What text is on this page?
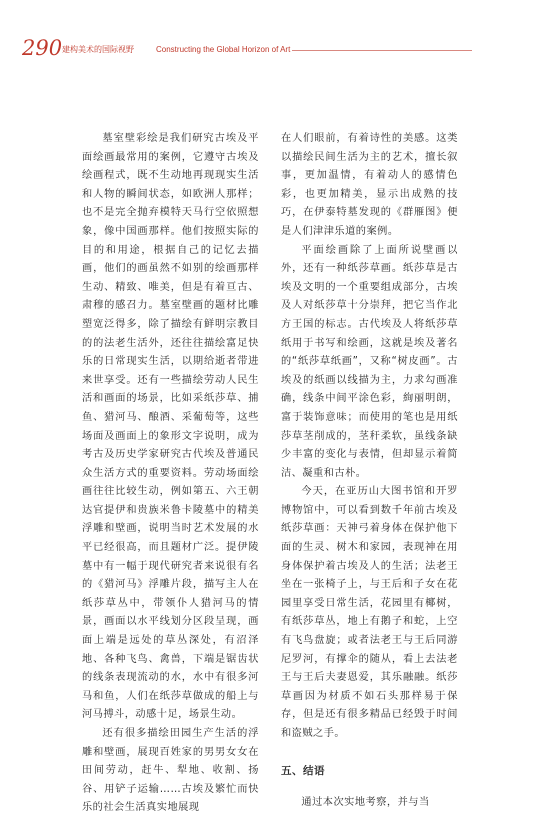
290 建构美术的国际视野	Constructing the Global Horizon of Art

墓室壁彩绘是我们研究古埃及平面绘画最常用的案例，它遵守古埃及绘画程式，既不生动地再现现实生活和人物的瞬间状态，如欧洲人那样；也不是完全抛弃模特天马行空依照想象，像中国画那样。他们按照实际的目的和用途，根据自己的记忆去描画，他们的画虽然不如别的绘画那样生动、精致、唯美，但是有着亘古、肃穆的感召力。墓室壁画的题材比雕塑宽泛得多，除了描绘有鲜明宗教目的的法老生活外，还往往描绘富足快乐的日常现实生活，以期给逝者带进来世享受。还有一些描绘劳动人民生活和画面的场景，比如采纸莎草、捕鱼、猎河马、酿酒、采葡萄等，这些场面及画面上的象形文字说明，成为考古及历史学家研究古代埃及普通民众生活方式的重要资料。劳动场面绘画往往比较生动，例如第五、六王朝达官提伊和贵族米鲁卡陵墓中的精美浮雕和壁画，说明当时艺术发展的水平已经很高，而且题材广泛。提伊陵墓中有一幅于现代研究者来说很有名的《猎河马》浮雕片段，描写主人在纸莎草丛中，带领仆人猎河马的情景，画面以水平线划分区段呈现，画面上端是远处的草丛深处，有沼泽地、各种飞鸟、禽兽，下端是锯齿状的线条表现流动的水，水中有很多河马和鱼，人们在纸莎草做成的船上与河马搏斗，动感十足，场景生动。

还有很多描绘田园生产生活的浮雕和壁画，展现百姓家的男男女女在田间劳动，赶牛、犁地、收割、扬谷、用铲子运输……古埃及繁忙而快乐的社会生活真实地展现

在人们眼前，有着诗性的美感。这类以描绘民间生活为主的艺术，擅长叙事，更加温情，有着动人的感情色彩，也更加精美，显示出成熟的技巧，在伊泰特墓发现的《群雁图》便是人们津津乐道的案例。

平面绘画除了上面所说壁画以外，还有一种纸莎草画。纸莎草是古埃及文明的一个重要组成部分，古埃及人对纸莎草十分崇拜，把它当作北方王国的标志。古代埃及人将纸莎草纸用于书写和绘画，这就是埃及著名的“纸莎草纸画”，又称“树皮画”。古埃及的纸画以线描为主，力求勾画准确，线条中间平涂色彩，絢丽明朗，富于装饰意味；而使用的笔也是用纸莎草茎削成的，茎秆柔软，虽线条缺少丰富的变化与表情，但却显示着简洁、凝重和古朴。

今天，在亚历山大图书馆和开罗博物馆中，可以看到数千年前古埃及纸莎草画：天神弓着身体在保护他下面的生灵、树木和家园，表现神在用身体保护着古埃及人的生活；法老王坐在一张椅子上，与王后和子女在花园里享受日常生活，花园里有椰树，有纸莎草丛，地上有鹅子和蛇，上空有飞鸟盘旋；或者法老王与王后同游尼罗河，有撑伞的随从，看上去法老王与王后夫妻恩爱，其乐融融。纸莎草画因为材质不如石头那样易于保存，但是还有很多精品已经毁于时间和盗贼之手。

五、结语

通过本次实地考察，并与当
